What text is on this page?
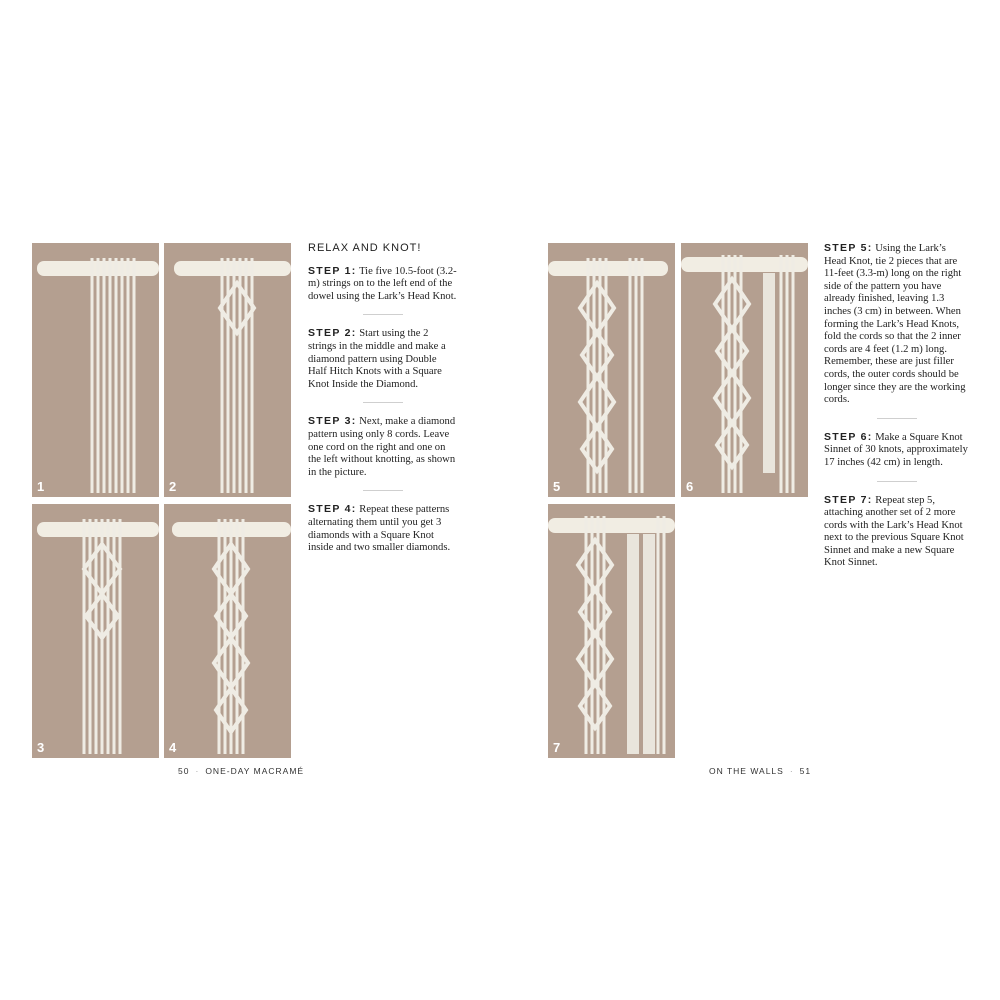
1	2
3	4
RELAX AND KNOT!

STEP 1: Tie five 10.5-foot (3.2-m) strings on to the left end of the dowel using the Lark’s Head Knot.

STEP 2: Start using the 2 strings in the middle and make a diamond pattern using Double Half Hitch Knots with a Square Knot Inside the Diamond.

STEP 3: Next, make a diamond pattern using only 8 cords. Leave one cord on the right and one on the left without knotting, as shown in the picture.

STEP 4: Repeat these patterns alternating them until you get 3 diamonds with a Square Knot inside and two smaller diamonds.

50 · ONE-DAY MACRAMÉ
5	6
7

STEP 5: Using the Lark’s Head Knot, tie 2 pieces that are 11-feet (3.3-m) long on the right side of the pattern you have already finished, leaving 1.3 inches (3 cm) in between. When forming the Lark’s Head Knots, fold the cords so that the 2 inner cords are 4 feet (1.2 m) long. Remember, these are just filler cords, the outer cords should be longer since they are the working cords.

STEP 6: Make a Square Knot Sinnet of 30 knots, approximately 17 inches (42 cm) in length.

STEP 7: Repeat step 5, attaching another set of 2 more cords with the Lark’s Head Knot next to the previous Square Knot Sinnet and make a new Square Knot Sinnet.

ON THE WALLS · 51
